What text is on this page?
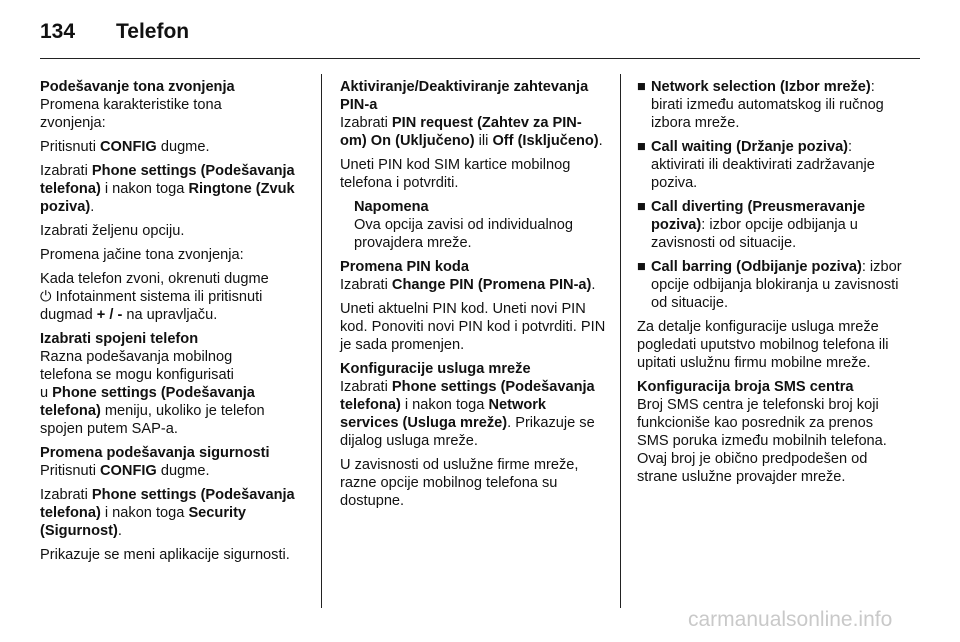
134 Telefon
Podešavanje tona zvonjenja

Promena karakteristike tona
zvonjenja:

Pritisnuti CONFIG dugme.

Izabrati Phone settings (Podešavanja telefona) i nakon toga Ringtone (Zvuk poziva).

Izabrati željenu opciju.

Promena jačine tona zvonjenja:

Kada telefon zvoni, okrenuti dugme
⏻ Infotainment sistema ili pritisnuti
dugmad + / - na upravljaču.

Izabrati spojeni telefon

Razna podešavanja mobilnog
telefona se mogu konfigurisati
u Phone settings (Podešavanja telefona) meniju, ukoliko je telefon spojen putem SAP-a.

Promena podešavanja sigurnosti

Pritisnuti CONFIG dugme.

Izabrati Phone settings (Podešavanja telefona) i nakon toga Security (Sigurnost).

Prikazuje se meni aplikacije sigurnosti.

Aktiviranje/Deaktiviranje zahtevanja PIN-a

Izabrati PIN request (Zahtev za PIN-om) On (Uključeno) ili Off (Isključeno).

Uneti PIN kod SIM kartice mobilnog telefona i potvrditi.

Napomena
Ova opcija zavisi od individualnog provajdera mreže.
Promena PIN koda

Izabrati Change PIN (Promena PIN-a).

Uneti aktuelni PIN kod. Uneti novi PIN kod. Ponoviti novi PIN kod i potvrditi. PIN je sada promenjen.

Konfiguracije usluga mreže

Izabrati Phone settings (Podešavanja telefona) i nakon toga Network services (Usluga mreže). Prikazuje se dijalog usluga mreže.

U zavisnosti od uslužne firme mreže, razne opcije mobilnog telefona su dostupne.

■ Network selection (Izbor mreže): birati između automatskog ili ručnog izbora mreže.
■ Call waiting (Držanje poziva): aktivirati ili deaktivirati zadržavanje poziva.
■ Call diverting (Preusmeravanje poziva): izbor opcije odbijanja u zavisnosti od situacije.
■ Call barring (Odbijanje poziva): izbor opcije odbijanja blokiranja u zavisnosti od situacije.

Za detalje konfiguracije usluga mreže pogledati uputstvo mobilnog telefona ili upitati uslužnu firmu mobilne mreže.

Konfiguracija broja SMS centra

Broj SMS centra je telefonski broj koji funkcioniše kao posrednik za prenos SMS poruka između mobilnih telefona. Ovaj broj je obično predpodešen od strane uslužne provajder mreže.

carmanualsonline.info
